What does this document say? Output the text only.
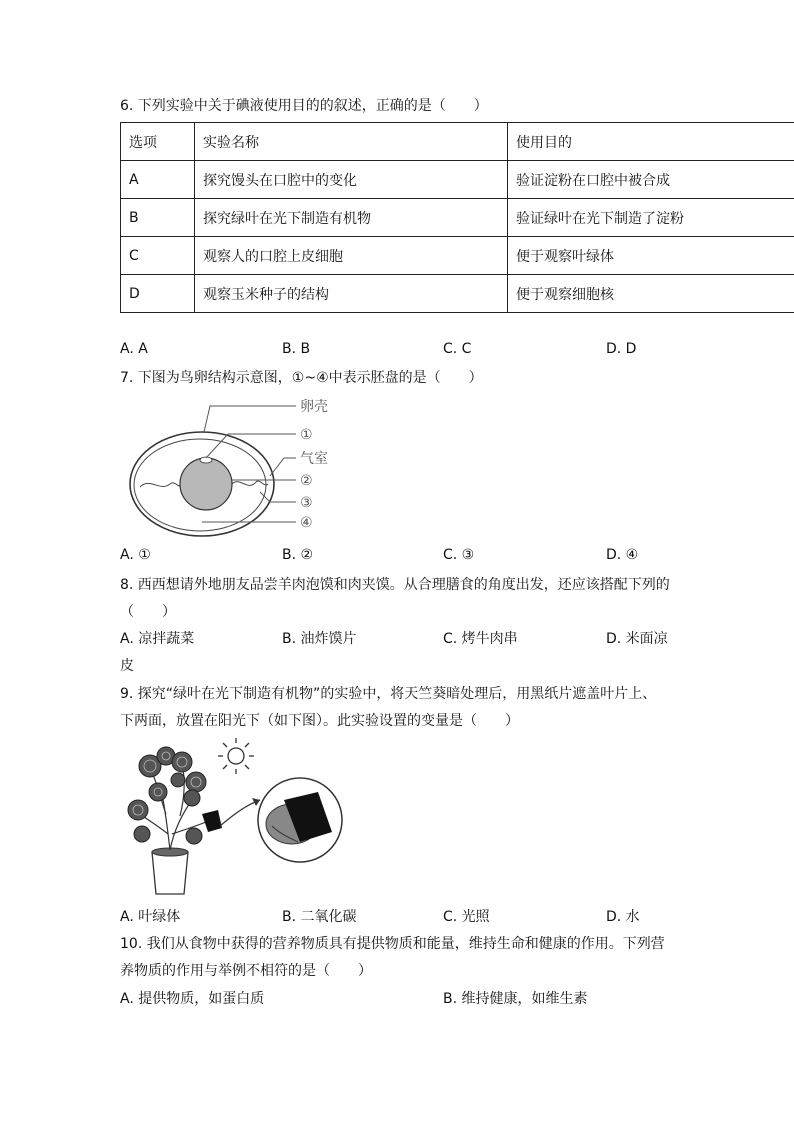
6. 下列实验中关于碘液使用目的的叙述，正确的是（　　）
选项	实验名称	使用目的
A	探究馒头在口腔中的变化	验证淀粉在口腔中被合成
B	探究绿叶在光下制造有机物	验证绿叶在光下制造了淀粉
C	观察人的口腔上皮细胞	便于观察叶绿体
D	观察玉米种子的结构	便于观察细胞核
A. A	B. B	C. C	D. D
7. 下图为鸟卵结构示意图，①~④中表示胚盘的是（　　）
卵壳
①
气室
②
③
④
A. ①	B. ②	C. ③	D. ④
8. 西西想请外地朋友品尝羊肉泡馍和肉夹馍。从合理膳食的角度出发，还应该搭配下列的
（　　）
A. 凉拌蔬菜	B. 油炸馍片	C. 烤牛肉串	D. 米面凉
皮
9. 探究“绿叶在光下制造有机物”的实验中，将天竺葵暗处理后，用黑纸片遮盖叶片上、
下两面，放置在阳光下（如下图）。此实验设置的变量是（　　）
A. 叶绿体	B. 二氧化碳	C. 光照	D. 水
10. 我们从食物中获得的营养物质具有提供物质和能量，维持生命和健康的作用。下列营
养物质的作用与举例不相符的是（　　）
A. 提供物质，如蛋白质	B. 维持健康，如维生素
